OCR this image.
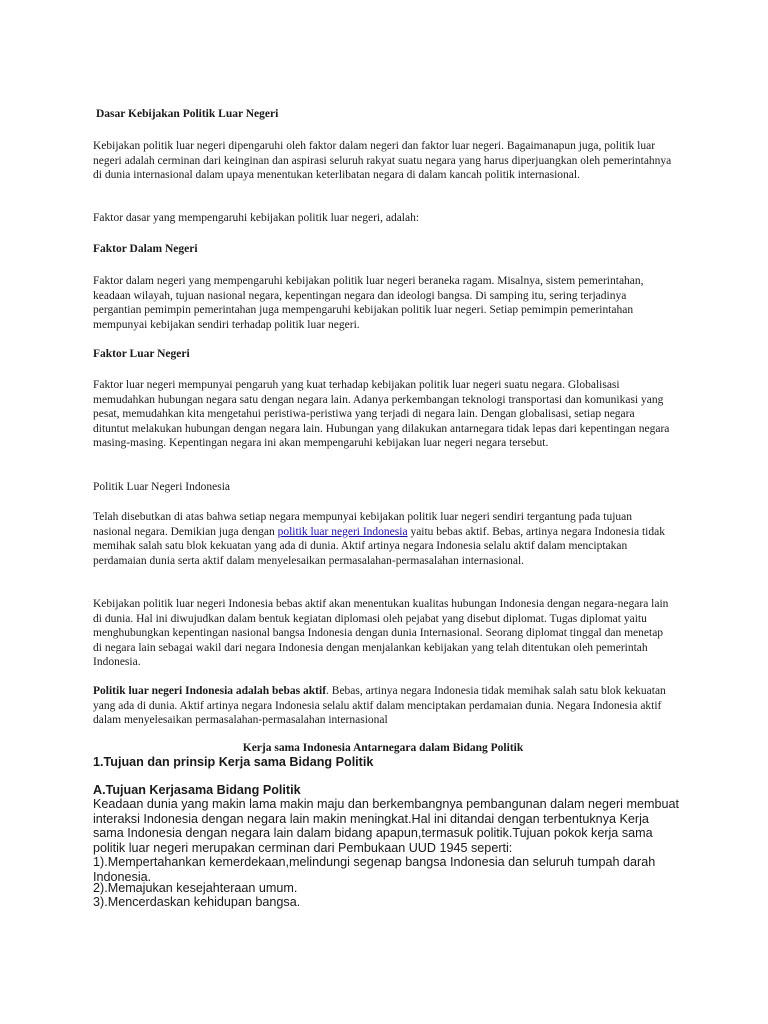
Dasar Kebijakan Politik Luar Negeri

Kebijakan politik luar negeri dipengaruhi oleh faktor dalam negeri dan faktor luar negeri. Bagaimanapun juga, politik luar negeri adalah cerminan dari keinginan dan aspirasi seluruh rakyat suatu negara yang harus diperjuangkan oleh pemerintahnya di dunia internasional dalam upaya menentukan keterlibatan negara di dalam kancah politik internasional.

Faktor dasar yang mempengaruhi kebijakan politik luar negeri, adalah:

Faktor Dalam Negeri

Faktor dalam negeri yang mempengaruhi kebijakan politik luar negeri beraneka ragam. Misalnya, sistem pemerintahan, keadaan wilayah, tujuan nasional negara, kepentingan negara dan ideologi bangsa. Di samping itu, sering terjadinya pergantian pemimpin pemerintahan juga mempengaruhi kebijakan politik luar negeri. Setiap pemimpin pemerintahan mempunyai kebijakan sendiri terhadap politik luar negeri.

Faktor Luar Negeri

Faktor luar negeri mempunyai pengaruh yang kuat terhadap kebijakan politik luar negeri suatu negara. Globalisasi memudahkan hubungan negara satu dengan negara lain. Adanya perkembangan teknologi transportasi dan komunikasi yang pesat, memudahkan kita mengetahui peristiwa-peristiwa yang terjadi di negara lain. Dengan globalisasi, setiap negara dituntut melakukan hubungan dengan negara lain. Hubungan yang dilakukan antarnegara tidak lepas dari kepentingan negara masing-masing. Kepentingan negara ini akan mempengaruhi kebijakan luar negeri negara tersebut.

Politik Luar Negeri Indonesia

Telah disebutkan di atas bahwa setiap negara mempunyai kebijakan politik luar negeri sendiri tergantung pada tujuan nasional negara. Demikian juga dengan politik luar negeri Indonesia yaitu bebas aktif. Bebas, artinya negara Indonesia tidak memihak salah satu blok kekuatan yang ada di dunia. Aktif artinya negara Indonesia selalu aktif dalam menciptakan perdamaian dunia serta aktif dalam menyelesaikan permasalahan-permasalahan internasional.

Kebijakan politik luar negeri Indonesia bebas aktif akan menentukan kualitas hubungan Indonesia dengan negara-negara lain di dunia. Hal ini diwujudkan dalam bentuk kegiatan diplomasi oleh pejabat yang disebut diplomat. Tugas diplomat yaitu menghubungkan kepentingan nasional bangsa Indonesia dengan dunia Internasional. Seorang diplomat tinggal dan menetap di negara lain sebagai wakil dari negara Indonesia dengan menjalankan kebijakan yang telah ditentukan oleh pemerintah Indonesia.

Politik luar negeri Indonesia adalah bebas aktif. Bebas, artinya negara Indonesia tidak memihak salah satu blok kekuatan yang ada di dunia. Aktif artinya negara Indonesia selalu aktif dalam menciptakan perdamaian dunia. Negara Indonesia aktif dalam menyelesaikan permasalahan-permasalahan internasional

Kerja sama Indonesia Antarnegara dalam Bidang Politik

1.Tujuan dan prinsip Kerja sama Bidang Politik

A.Tujuan Kerjasama Bidang Politik

Keadaan dunia yang makin lama makin maju dan berkembangnya pembangunan dalam negeri membuat interaksi Indonesia dengan negara lain makin meningkat.Hal ini ditandai dengan terbentuknya Kerja sama Indonesia dengan negara lain dalam bidang apapun,termasuk politik.Tujuan pokok kerja sama politik luar negeri merupakan cerminan dari Pembukaan UUD 1945 seperti:

1).Mempertahankan kemerdekaan,melindungi segenap bangsa Indonesia dan seluruh tumpah darah Indonesia.

2).Memajukan kesejahteraan umum.

3).Mencerdaskan kehidupan bangsa.
